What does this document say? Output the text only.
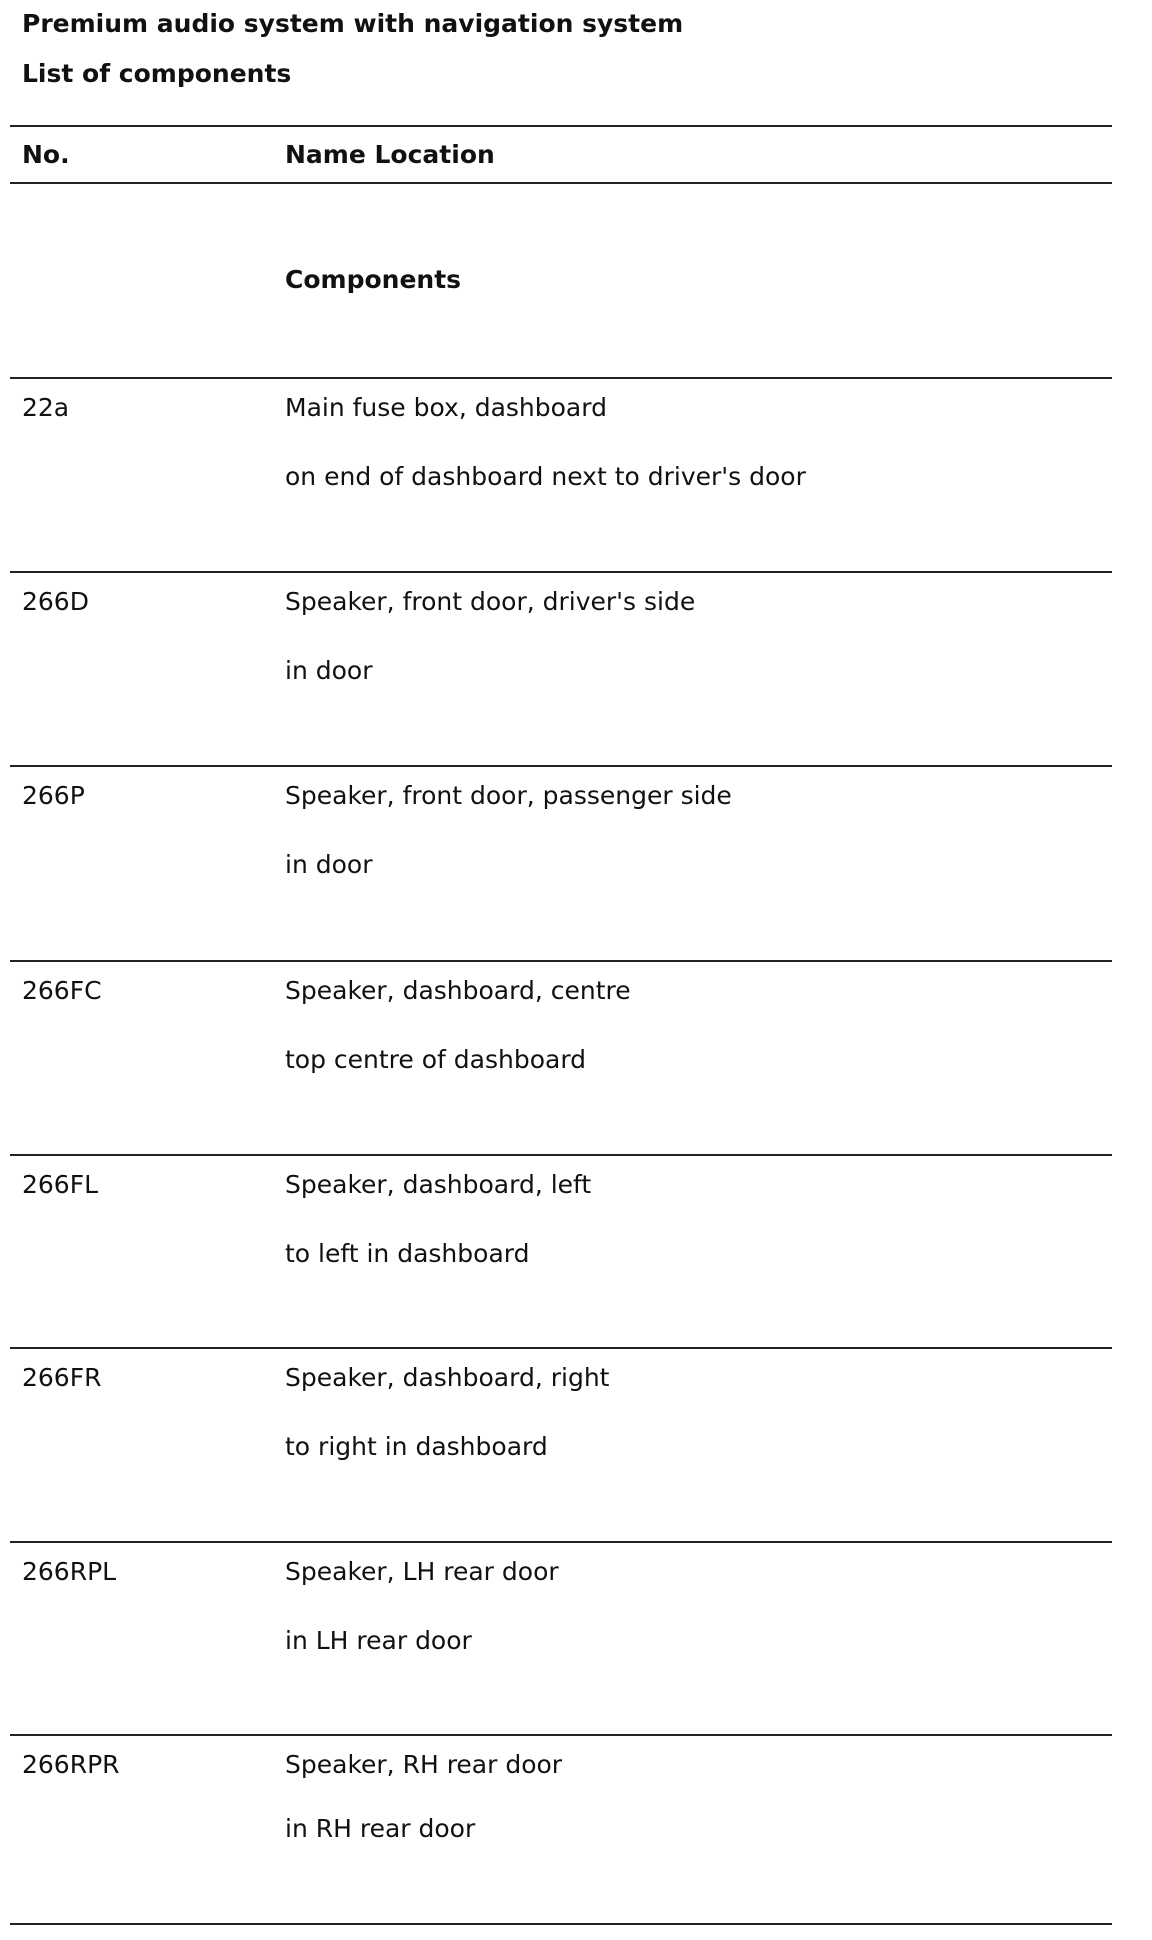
Premium audio system with navigation system
List of components
No.	Name Location
Components
22a	Main fuse box, dashboard
on end of dashboard next to driver's door
266D	Speaker, front door, driver's side
in door
266P	Speaker, front door, passenger side
in door
266FC	Speaker, dashboard, centre
top centre of dashboard
266FL	Speaker, dashboard, left
to left in dashboard
266FR	Speaker, dashboard, right
to right in dashboard
266RPL	Speaker, LH rear door
in LH rear door
266RPR	Speaker, RH rear door
in RH rear door
